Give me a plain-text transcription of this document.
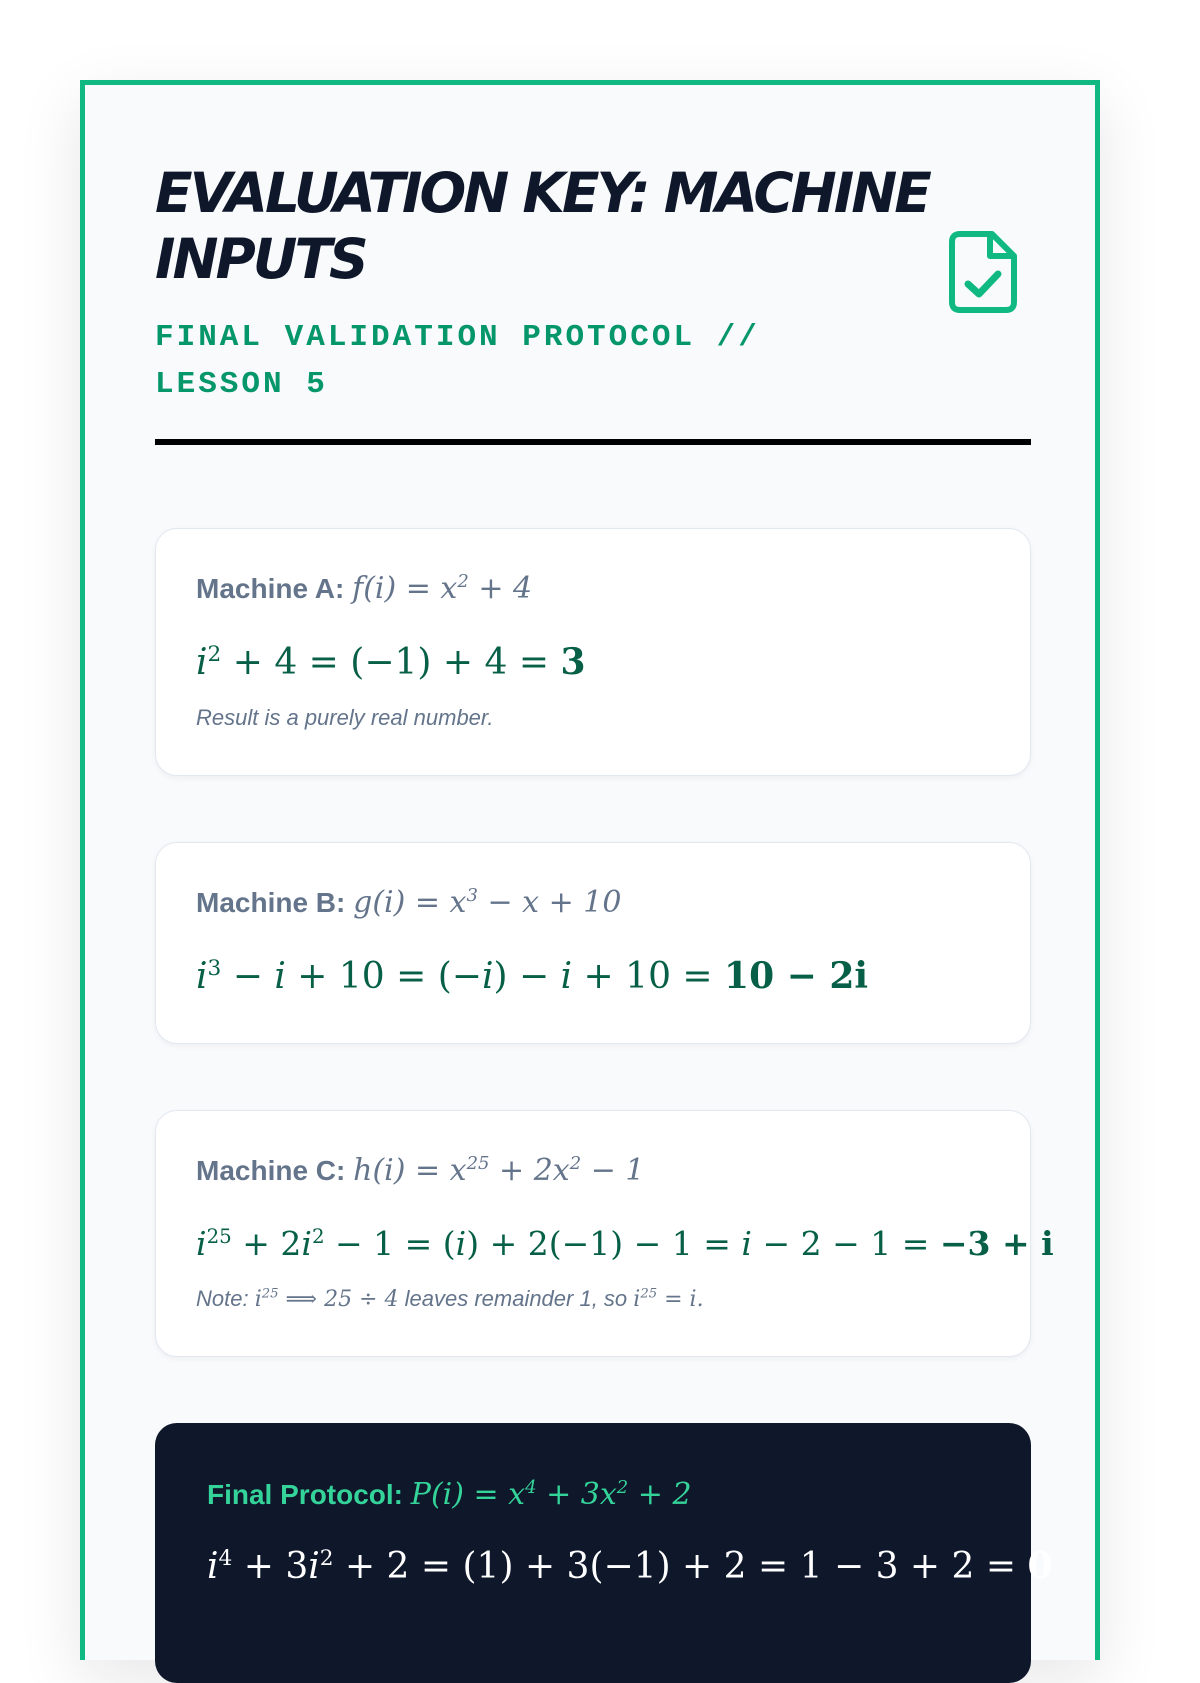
EVALUATION KEY: MACHINE INPUTS
FINAL VALIDATION PROTOCOL // LESSON 5
Machine A: $f(i) = x^2 + 4$
$i^2 + 4 = (-1) + 4 = 3$
Result is a purely real number.
Machine B: $g(i) = x^3 - x + 10$
$i^3 - i + 10 = (-i) - i + 10 = 10 - 2i$
Machine C: $h(i) = x^{25} + 2x^2 - 1$
$i^{25} + 2i^2 - 1 = (i) + 2(-1) - 1 = i - 2 - 1 = -3 + i$
Note: $i^{25}$ ⟹ 25 ÷ 4 leaves remainder 1, so $i^{25} = i$.
Final Protocol: $P(i) = x^4 + 3x^2 + 2$
$i^4 + 3i^2 + 2 = (1) + 3(-1) + 2 = 1 - 3 + 2 = 0$
